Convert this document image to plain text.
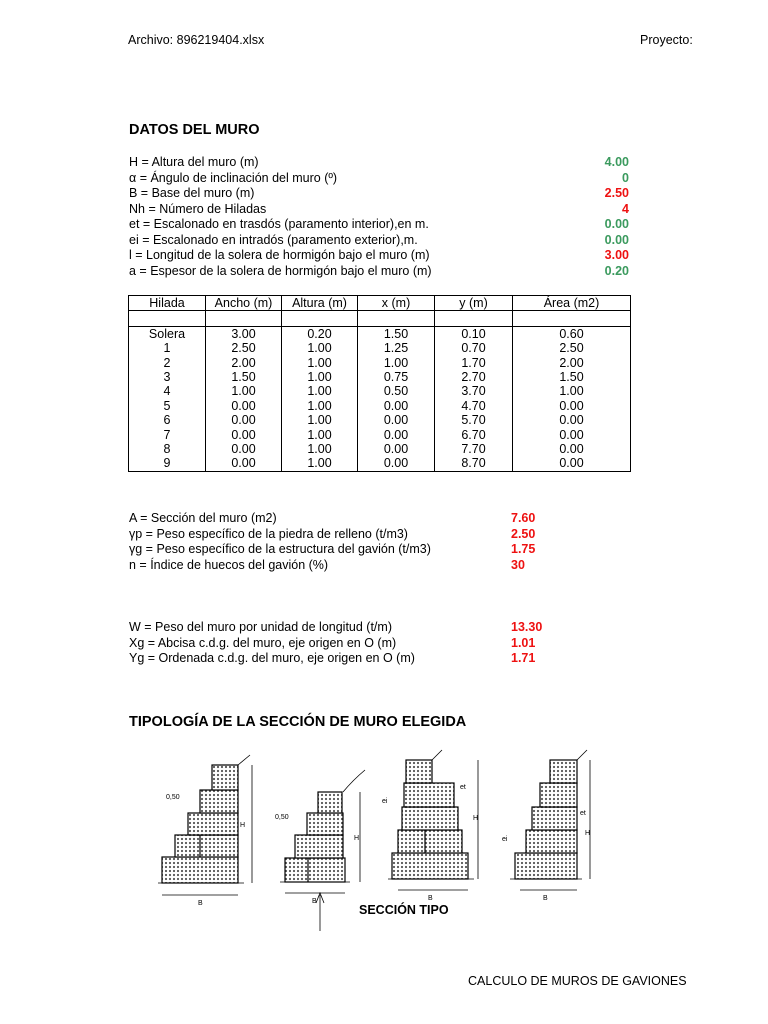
Archivo: 896219404.xlsx	Proyecto:
DATOS DEL MURO
H = Altura del muro (m)	4.00
α = Ángulo de inclinación del muro (º)	0
B = Base del muro (m)	2.50
Nh = Número de Hiladas	4
et = Escalonado en trasdós (paramento interior),en m.	0.00
ei = Escalonado en intradós (paramento exterior),m.	0.00
l = Longitud de la solera de hormigón bajo el muro (m)	3.00
a = Espesor de la solera de hormigón bajo el muro (m)	0.20
Hilada	Ancho (m)	Altura (m)	x (m)	y (m)	Área (m2)

Solera	3.00	0.20	1.50	0.10	0.60
1	2.50	1.00	1.25	0.70	2.50
2	2.00	1.00	1.00	1.70	2.00
3	1.50	1.00	0.75	2.70	1.50
4	1.00	1.00	0.50	3.70	1.00
5	0.00	1.00	0.00	4.70	0.00
6	0.00	1.00	0.00	5.70	0.00
7	0.00	1.00	0.00	6.70	0.00
8	0.00	1.00	0.00	7.70	0.00
9	0.00	1.00	0.00	8.70	0.00
A = Sección del muro (m2)	7.60
γp = Peso específico de la piedra de relleno (t/m3)	2.50
γg = Peso específico de la estructura del gavión (t/m3)	1.75
n = Índice de huecos del gavión (%)	30
W = Peso del muro por unidad de longitud (t/m)	13.30
Xg = Abcisa c.d.g. del muro, eje origen en O (m)	1.01
Yg = Ordenada c.d.g. del muro, eje origen en O (m)	1.71
TIPOLOGÍA DE LA SECCIÓN DE MURO ELEGIDA
0,50
0,50
B	B	B	B
H
H
H
H
et
ei
et
ei
SECCIÓN TIPO
CALCULO DE MUROS DE GAVIONES
